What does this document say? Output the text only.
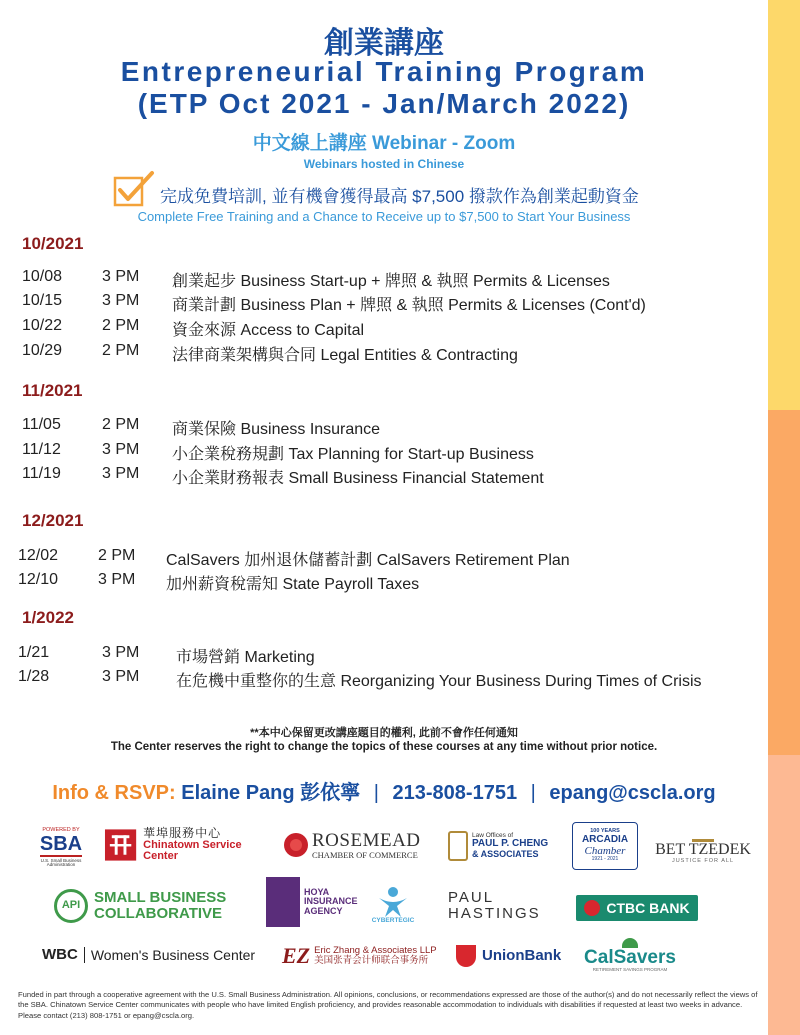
創業講座
Entrepreneurial Training Program
(ETP Oct 2021 - Jan/March 2022)
中文線上講座 Webinar - Zoom
Webinars hosted in Chinese
完成免費培訓, 並有機會獲得最高 $7,500 撥款作為創業起動資金
Complete Free Training and a Chance to Receive up to $7,500 to Start Your Business
10/2021
10/08 3 PM 創業起步 Business Start-up + 牌照 & 執照 Permits & Licenses
10/15 3 PM 商業計劃 Business Plan + 牌照 & 執照 Permits & Licenses (Cont'd)
10/22 2 PM 資金來源 Access to Capital
10/29 2 PM 法律商業架構與合同 Legal Entities & Contracting
11/2021
11/05	2 PM 商業保險 Business Insurance
11/12	3 PM 小企業稅務規劃 Tax Planning for Start-up Business
11/19	3 PM 小企業財務報表 Small Business Financial Statement
12/2021
12/02 2 PM CalSavers 加州退休儲蓄計劃 CalSavers Retirement Plan
12/10 3 PM 加州薪資稅需知 State Payroll Taxes
1/2022
1/21	3 PM 市場營銷 Marketing
1/28	3 PM 在危機中重整你的生意 Reorganizing Your Business During Times of Crisis
**本中心保留更改講座題目的權利, 此前不會作任何通知
The Center reserves the right to change the topics of these courses at any time without prior notice.
Info & RSVP: Elaine Pang 彭依寧 | 213-808-1751 | epang@cscla.org
POWERED BY
SBA
U.S. Small Business Administration
華埠服務中心
Chinatown Service Center
ROSEMEAD
CHAMBER OF COMMERCE
Law Offices of
PAUL P. CHENG
& ASSOCIATES
100 YEARS
ARCADIA
Chamber
1921 - 2021
BET TZEDEK
JUSTICE FOR ALL
API SMALL BUSINESS
COLLABORATIVE
HOYA
INSURANCE
AGENCY
CYBERTEGIC
PAUL
HASTINGS	CTBC BANK
WBC Women's Business Center EZ Eric Zhang & Associates LLP
美国张青会计师联合事务所	UnionBank CalSavers
RETIREMENT SAVINGS PROGRAM
Funded in part through a cooperative agreement with the U.S. Small Business Administration. All opinions, conclusions, or recommendations expressed are those of the author(s) and do not necessarily reflect the views of the SBA. Chinatown Service Center communicates with people who have limited English proficiency, and provides reasonable accommodation to individuals with disabilities if requested at least two weeks in advance. Please contact (213) 808-1751 or epang@cscla.org.
